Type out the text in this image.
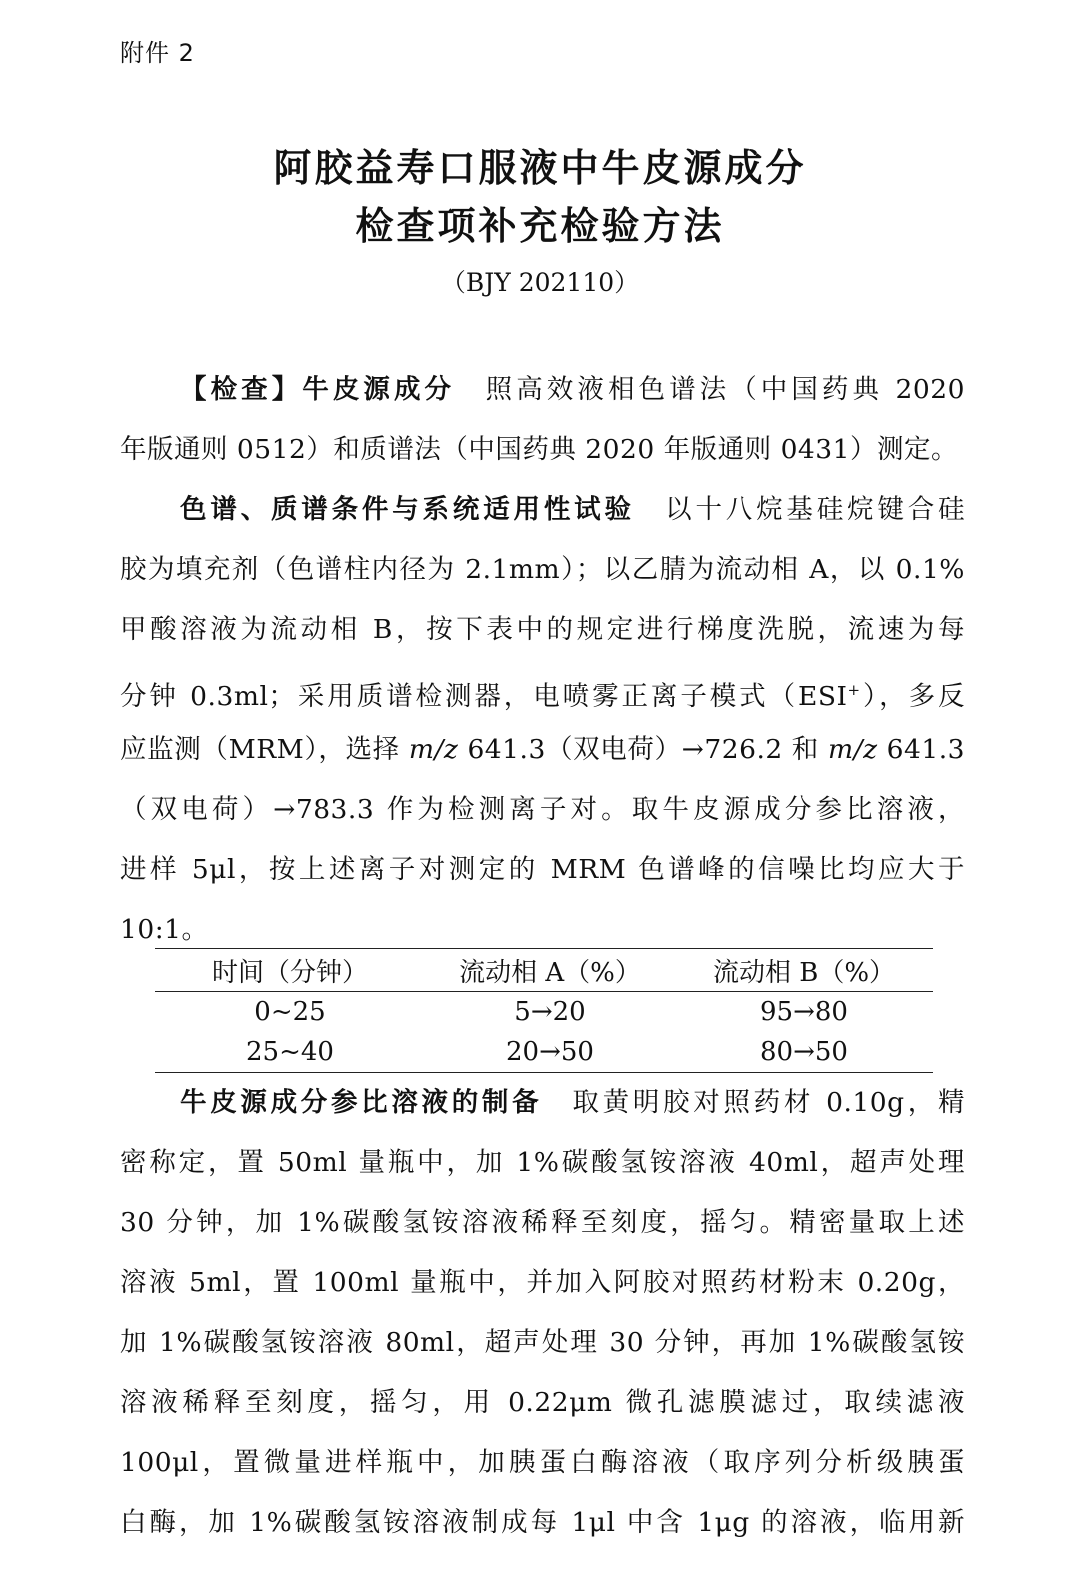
附件 2
阿胶益寿口服液中牛皮源成分
检查项补充检验方法
（BJY 202110）
【检查】牛皮源成分  照高效液相色谱法（中国药典 2020
年版通则 0512）和质谱法（中国药典 2020 年版通则 0431）测定。
色谱、质谱条件与系统适用性试验  以十八烷基硅烷键合硅
胶为填充剂（色谱柱内径为 2.1mm）；以乙腈为流动相 A，以 0.1%
甲酸溶液为流动相 B，按下表中的规定进行梯度洗脱，流速为每
分钟 0.3ml；采用质谱检测器，电喷雾正离子模式（ESI+），多反
应监测（MRM），选择 m/z 641.3（双电荷）→726.2 和 m/z 641.3
（双电荷）→783.3 作为检测离子对。取牛皮源成分参比溶液，
进样 5μl，按上述离子对测定的 MRM 色谱峰的信噪比均应大于
10:1。
时间（分钟）	流动相 A（%）	流动相 B（%）
0~25	5→20	95→80
25~40	20→50	80→50
牛皮源成分参比溶液的制备  取黄明胶对照药材 0.10g，精
密称定，置 50ml 量瓶中，加 1%碳酸氢铵溶液 40ml，超声处理
30 分钟，加 1%碳酸氢铵溶液稀释至刻度，摇匀。精密量取上述
溶液 5ml，置 100ml 量瓶中，并加入阿胶对照药材粉末 0.20g，
加 1%碳酸氢铵溶液 80ml，超声处理 30 分钟，再加 1%碳酸氢铵
溶液稀释至刻度，摇匀，用 0.22μm 微孔滤膜滤过，取续滤液
100μl，置微量进样瓶中，加胰蛋白酶溶液（取序列分析级胰蛋
白酶，加 1%碳酸氢铵溶液制成每 1μl 中含 1μg 的溶液，临用新
